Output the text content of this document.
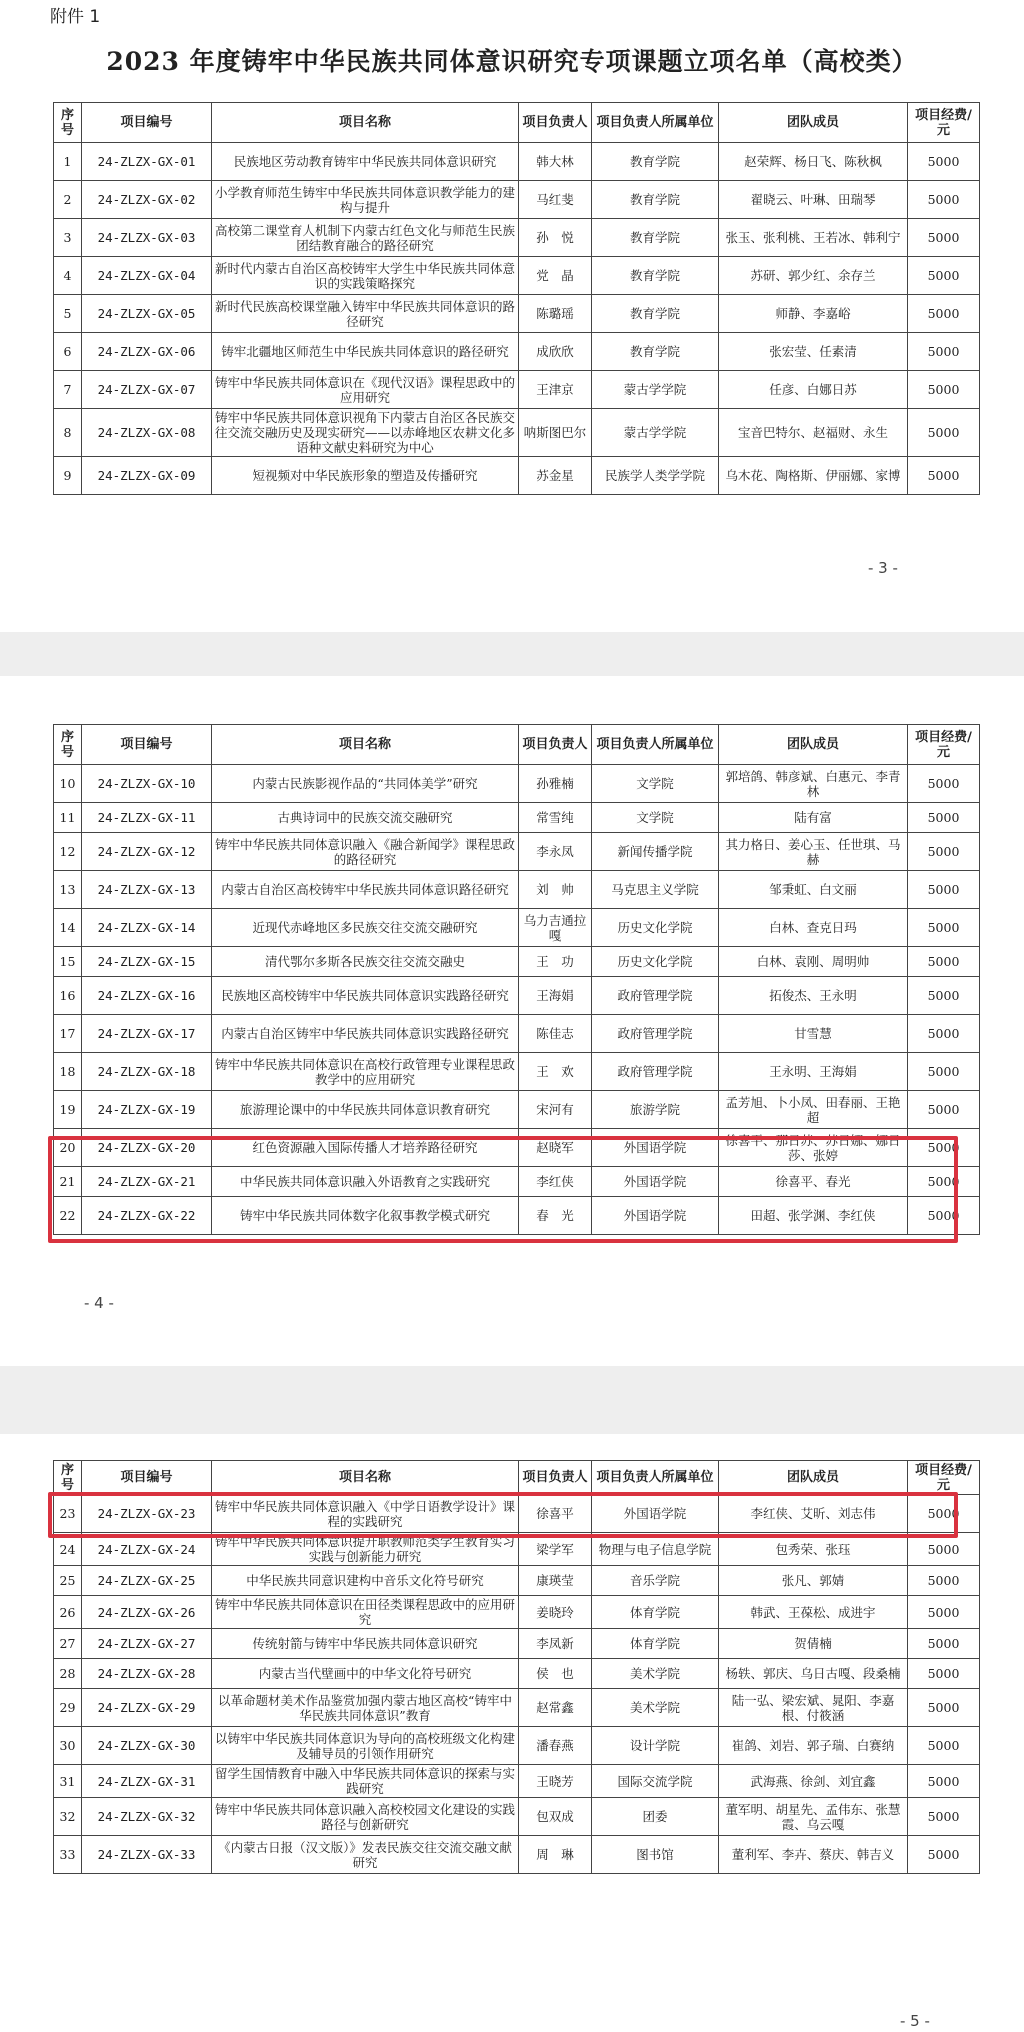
附件 1
2023 年度铸牢中华民族共同体意识研究专项课题立项名单（高校类）
序号	项目编号	项目名称	项目负责人	项目负责人所属单位	团队成员	项目经费/元
1	24-ZLZX-GX-01	民族地区劳动教育铸牢中华民族共同体意识研究	韩大林	教育学院	赵荣辉、杨日飞、陈秋枫	5000
2	24-ZLZX-GX-02	小学教育师范生铸牢中华民族共同体意识教学能力的建构与提升	马红斐	教育学院	翟晓云、叶琳、田瑞琴	5000
3	24-ZLZX-GX-03	高校第二课堂育人机制下内蒙古红色文化与师范生民族团结教育融合的路径研究	孙　悦	教育学院	张玉、张利桃、王若冰、韩利宁	5000
4	24-ZLZX-GX-04	新时代内蒙古自治区高校铸牢大学生中华民族共同体意识的实践策略探究	党　晶	教育学院	苏研、郭少红、余存兰	5000
5	24-ZLZX-GX-05	新时代民族高校课堂融入铸牢中华民族共同体意识的路径研究	陈璐瑶	教育学院	师静、李嘉峪	5000
6	24-ZLZX-GX-06	铸牢北疆地区师范生中华民族共同体意识的路径研究	成欣欣	教育学院	张宏莹、任素清	5000
7	24-ZLZX-GX-07	铸牢中华民族共同体意识在《现代汉语》课程思政中的应用研究	王津京	蒙古学学院	任彦、白娜日苏	5000
8	24-ZLZX-GX-08	铸牢中华民族共同体意识视角下内蒙古自治区各民族交往交流交融历史及现实研究——以赤峰地区农耕文化多语种文献史料研究为中心	呐斯图巴尔	蒙古学学院	宝音巴特尔、赵福财、永生	5000
9	24-ZLZX-GX-09	短视频对中华民族形象的塑造及传播研究	苏金星	民族学人类学学院	乌木花、陶格斯、伊丽娜、家博	5000
- 3 -
序号	项目编号	项目名称	项目负责人	项目负责人所属单位	团队成员	项目经费/元
10	24-ZLZX-GX-10	内蒙古民族影视作品的“共同体美学”研究	孙雅楠	文学院	郭培鸽、韩彦斌、白惠元、李青林	5000
11	24-ZLZX-GX-11	古典诗词中的民族交流交融研究	常雪纯	文学院	陆有富	5000
12	24-ZLZX-GX-12	铸牢中华民族共同体意识融入《融合新闻学》课程思政的路径研究	李永凤	新闻传播学院	其力格日、姜心玉、任世琪、马赫	5000
13	24-ZLZX-GX-13	内蒙古自治区高校铸牢中华民族共同体意识路径研究	刘　帅	马克思主义学院	邹秉虹、白文丽	5000
14	24-ZLZX-GX-14	近现代赤峰地区多民族交往交流交融研究	乌力吉通拉嘎	历史文化学院	白林、查克日玛	5000
15	24-ZLZX-GX-15	清代鄂尔多斯各民族交往交流交融史	王　功	历史文化学院	白林、袁刚、周明帅	5000
16	24-ZLZX-GX-16	民族地区高校铸牢中华民族共同体意识实践路径研究	王海娟	政府管理学院	拓俊杰、王永明	5000
17	24-ZLZX-GX-17	内蒙古自治区铸牢中华民族共同体意识实践路径研究	陈佳志	政府管理学院	甘雪慧	5000
18	24-ZLZX-GX-18	铸牢中华民族共同体意识在高校行政管理专业课程思政教学中的应用研究	王　欢	政府管理学院	王永明、王海娟	5000
19	24-ZLZX-GX-19	旅游理论课中的中华民族共同体意识教育研究	宋河有	旅游学院	孟芳旭、卜小凤、田春丽、王艳超	5000
20	24-ZLZX-GX-20	红色资源融入国际传播人才培养路径研究	赵晓军	外国语学院	徐喜平、那日苏、苏日娜、娜日莎、张婷	5000
21	24-ZLZX-GX-21	中华民族共同体意识融入外语教育之实践研究	李红侠	外国语学院	徐喜平、春光	5000
22	24-ZLZX-GX-22	铸牢中华民族共同体数字化叙事教学模式研究	春　光	外国语学院	田超、张学渊、李红侠	5000
- 4 -
序号	项目编号	项目名称	项目负责人	项目负责人所属单位	团队成员	项目经费/元
23	24-ZLZX-GX-23	铸牢中华民族共同体意识融入《中学日语教学设计》课程的实践研究	徐喜平	外国语学院	李红侠、艾昕、刘志伟	5000
24	24-ZLZX-GX-24	铸牢中华民族共同体意识提升职教师范类学生教育实习实践与创新能力研究	梁学军	物理与电子信息学院	包秀荣、张珏	5000
25	24-ZLZX-GX-25	中华民族共同意识建构中音乐文化符号研究	康瑛莹	音乐学院	张凡、郭婧	5000
26	24-ZLZX-GX-26	铸牢中华民族共同体意识在田径类课程思政中的应用研究	姜晓玲	体育学院	韩武、王葆松、成进宇	5000
27	24-ZLZX-GX-27	传统射箭与铸牢中华民族共同体意识研究	李凤新	体育学院	贺倩楠	5000
28	24-ZLZX-GX-28	内蒙古当代壁画中的中华文化符号研究	侯　也	美术学院	杨轶、郭庆、乌日古嘎、段桑楠	5000
29	24-ZLZX-GX-29	以革命题材美术作品鉴赏加强内蒙古地区高校“铸牢中华民族共同体意识”教育	赵常鑫	美术学院	陆一弘、梁宏斌、晁阳、李嘉根、付筱涵	5000
30	24-ZLZX-GX-30	以铸牢中华民族共同体意识为导向的高校班级文化构建及辅导员的引领作用研究	潘春燕	设计学院	崔鸽、刘岩、郭子瑞、白赛纳	5000
31	24-ZLZX-GX-31	留学生国情教育中融入中华民族共同体意识的探索与实践研究	王晓芳	国际交流学院	武海燕、徐剑、刘宜鑫	5000
32	24-ZLZX-GX-32	铸牢中华民族共同体意识融入高校校园文化建设的实践路径与创新研究	包双成	团委	董军明、胡星先、孟伟东、张慧霞、乌云嘎	5000
33	24-ZLZX-GX-33	《内蒙古日报（汉文版）》发表民族交往交流交融文献研究	周　琳	图书馆	董利军、李卉、蔡庆、韩吉义	5000
- 5 -
